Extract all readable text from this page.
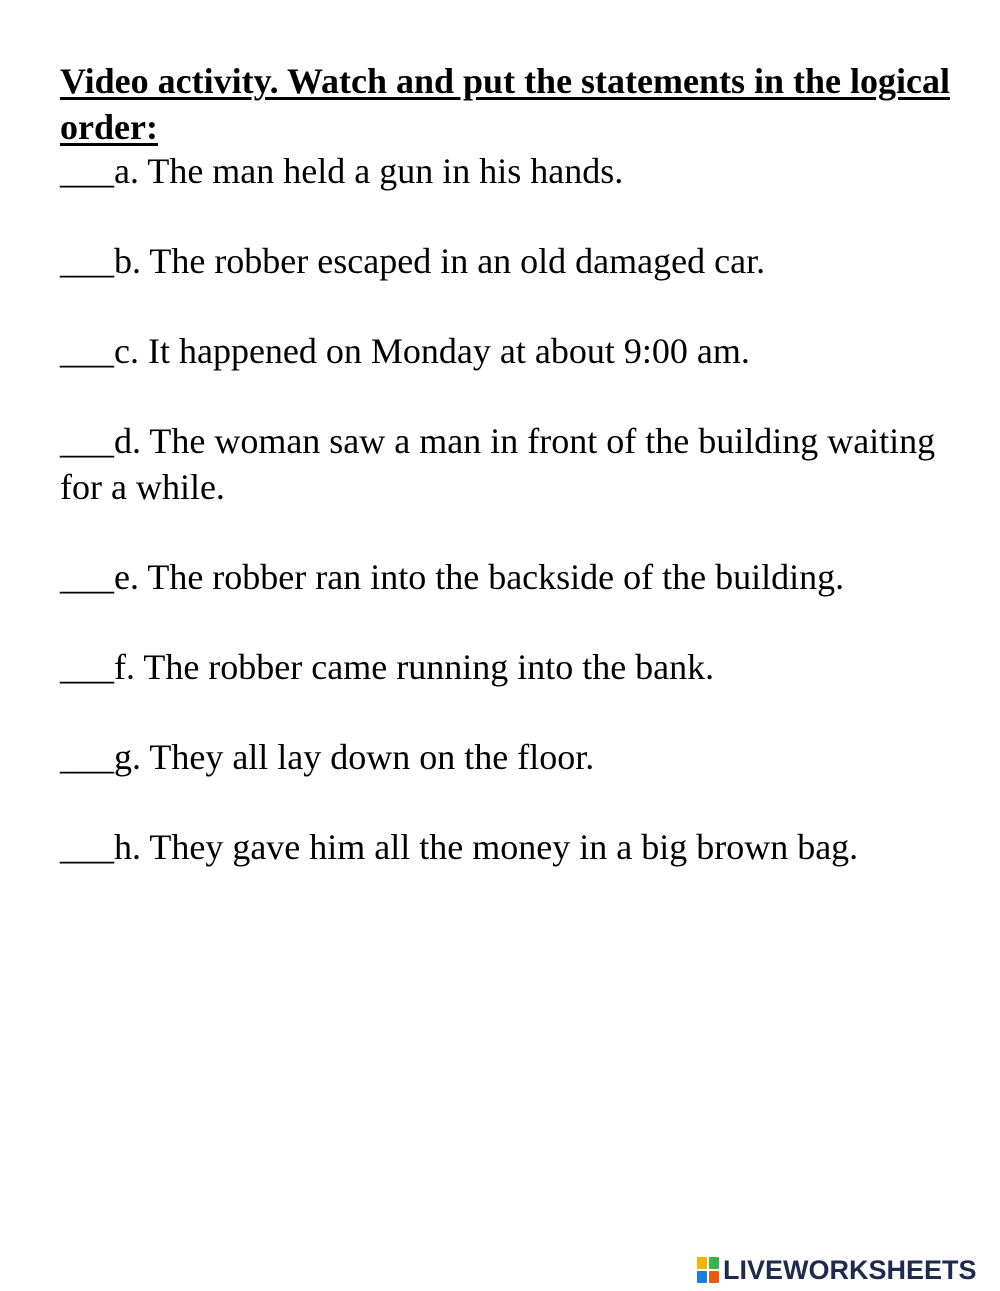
Video activity. Watch and put the statements in the logical order:

___a. The man held a gun in his hands.
___b. The robber escaped in an old damaged car.
___c. It happened on Monday at about 9:00 am.
___d. The woman saw a man in front of the building waiting for a while.
___e. The robber ran into the backside of the building.
___f. The robber came running into the bank.
___g. They all lay down on the floor.
___h. They gave him all the money in a big brown bag.
LIVEWORKSHEETS
